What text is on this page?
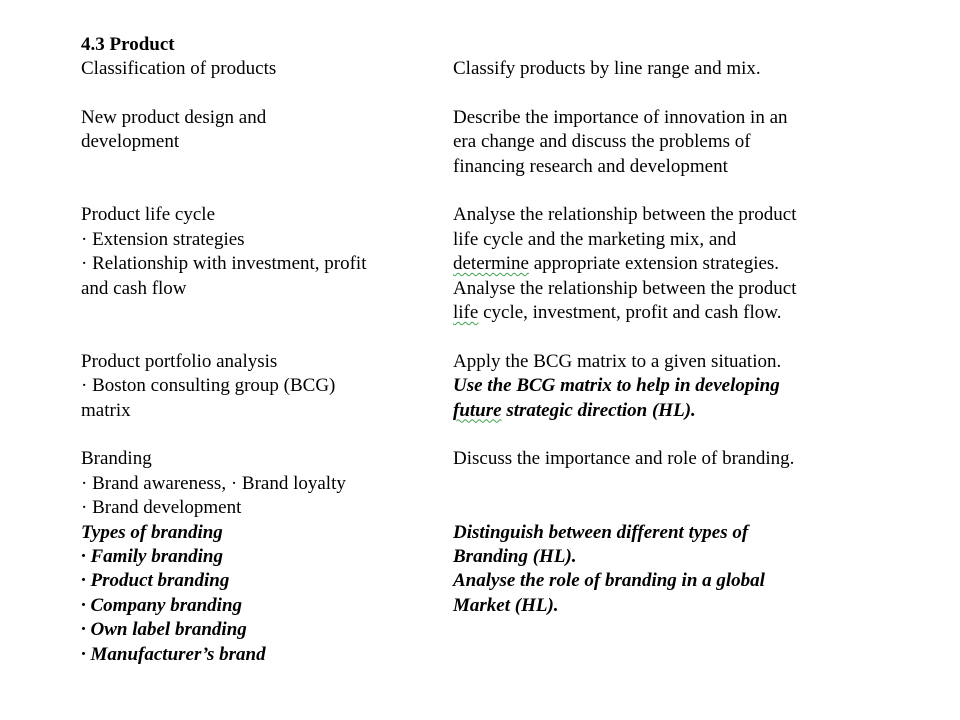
4.3 Product
Classification of products
New product design and
development
Product life cycle
· Extension strategies
· Relationship with investment, profit
and cash flow
Product portfolio analysis
· Boston consulting group (BCG)
matrix
Branding
· Brand awareness, · Brand loyalty
· Brand development
Types of branding
· Family branding
· Product branding
· Company branding
· Own label branding
· Manufacturer’s brand
Classify products by line range and mix.
Describe the importance of innovation in an
era change and discuss the problems of
financing research and development
Analyse the relationship between the product
life cycle and the marketing mix, and
determine appropriate extension strategies.
Analyse the relationship between the product
life cycle, investment, profit and cash flow.
Apply the BCG matrix to a given situation.
Use the BCG matrix to help in developing
future strategic direction (HL).
Discuss the importance and role of branding.
Distinguish between different types of
Branding (HL).
Analyse the role of branding in a global
Market (HL).
